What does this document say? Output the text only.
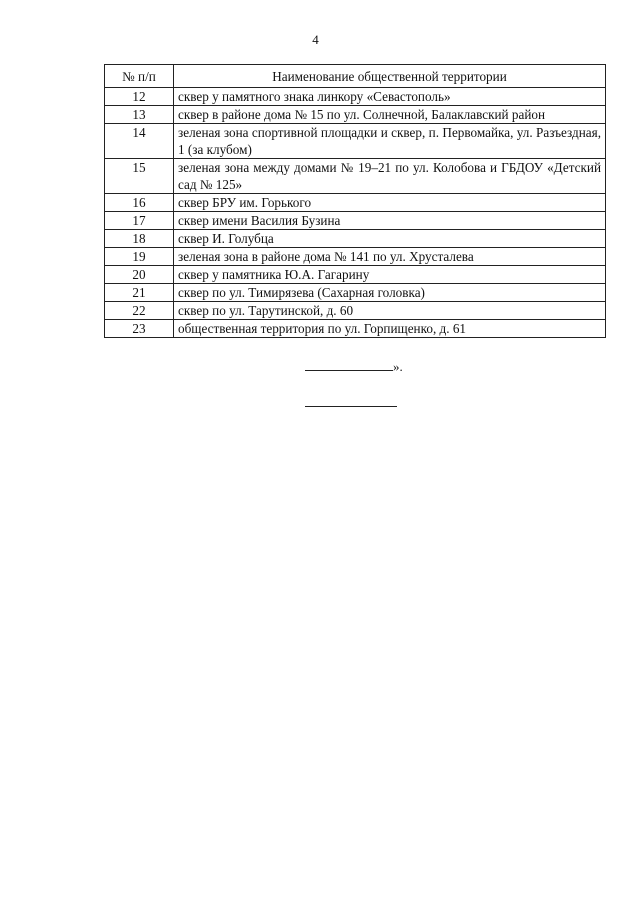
4
№ п/п	Наименование общественной территории
12	сквер у памятного знака линкору «Севастополь»
13	сквер в районе дома № 15 по ул. Солнечной, Балаклавский район
14	зеленая зона спортивной площадки и сквер, п. Первомайка, ул. Разъездная, 1 (за клубом)
15	зеленая зона между домами № 19–21 по ул. Колобова и ГБДОУ «Детский сад № 125»
16	сквер БРУ им. Горького
17	сквер имени Василия Бузина
18	сквер И. Голубца
19	зеленая зона в районе дома № 141 по ул. Хрусталева
20	сквер у памятника Ю.А. Гагарину
21	сквер по ул. Тимирязева (Сахарная головка)
22	сквер по ул. Тарутинской, д. 60
23	общественная территория по ул. Горпищенко, д. 61
».
